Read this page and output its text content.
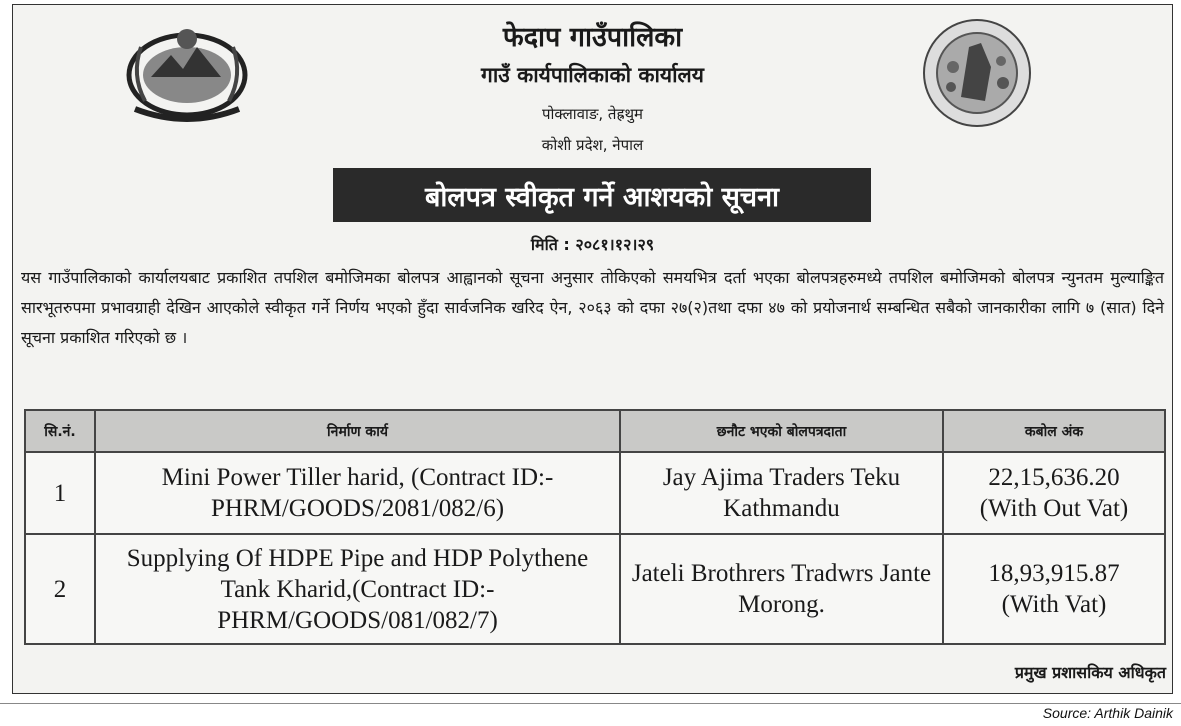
फेदाप गाउँपालिका
गाउँ कार्यपालिकाको कार्यालय
पोक्लावाङ, तेह्रथुम
कोशी प्रदेश, नेपाल
बोलपत्र स्वीकृत गर्ने आशयको सूचना
मिति : २०८१।१२।२९
यस गाउँपालिकाको कार्यालयबाट प्रकाशित तपशिल बमोजिमका बोलपत्र आह्वानको सूचना अनुसार तोकिएको समयभित्र दर्ता भएका बोलपत्रहरुमध्ये तपशिल बमोजिमको बोलपत्र न्युनतम मुल्याङ्कित सारभूतरुपमा प्रभावग्राही देखिन आएकोले स्वीकृत गर्ने निर्णय भएको हुँदा सार्वजनिक खरिद ऐन, २०६३ को दफा २७(२)तथा दफा ४७ को प्रयोजनार्थ सम्बन्धित सबैको जानकारीका लागि ७ (सात) दिने सूचना प्रकाशित गरिएको छ ।
सि.नं.	निर्माण कार्य	छनौट भएको बोलपत्रदाता	कबोल अंक
1	Mini Power Tiller harid, (Contract ID:-PHRM/GOODS/2081/082/6)	Jay Ajima Traders Teku Kathmandu	22,15,636.20
(With Out Vat)

2	Supplying Of HDPE Pipe and HDP Polythene Tank Kharid,(Contract ID:-PHRM/GOODS/081/082/7)	Jateli Brothrers Tradwrs Jante Morong.	18,93,915.87
(With Vat)
प्रमुख प्रशासकिय अधिकृत
Source: Arthik Dainik
